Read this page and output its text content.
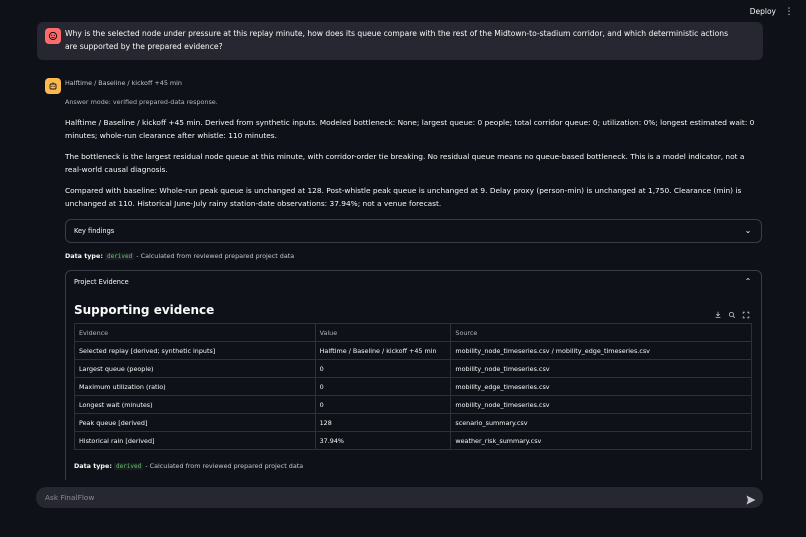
Deploy ⋮
Why is the selected node under pressure at this replay minute, how does its queue compare with the rest of the Midtown-to-stadium corridor, and which deterministic actions are supported by the prepared evidence?
Halftime / Baseline / kickoff +45 min
Answer mode: verified prepared-data response.
Halftime / Baseline / kickoff +45 min. Derived from synthetic inputs. Modeled bottleneck: None; largest queue: 0 people; total corridor queue: 0; utilization: 0%; longest estimated wait: 0 minutes; whole-run clearance after whistle: 110 minutes.
The bottleneck is the largest residual node queue at this minute, with corridor-order tie breaking. No residual queue means no queue-based bottleneck. This is a model indicator, not a real-world causal diagnosis.
Compared with baseline: Whole-run peak queue is unchanged at 128. Post-whistle peak queue is unchanged at 9. Delay proxy (person-min) is unchanged at 1,750. Clearance (min) is unchanged at 110. Historical June-July rainy station-date observations: 37.94%; not a venue forecast.
Key findings	⌄
Data type: derived - Calculated from reviewed prepared project data
Project Evidence	⌃
Supporting evidence
Evidence	Value	Source
Selected replay [derived; synthetic inputs]	Halftime / Baseline / kickoff +45 min	mobility_node_timeseries.csv / mobility_edge_timeseries.csv
Largest queue (people)	0	mobility_node_timeseries.csv
Maximum utilization (ratio)	0	mobility_edge_timeseries.csv
Longest wait (minutes)	0	mobility_node_timeseries.csv
Peak queue [derived]	128	scenario_summary.csv
Historical rain [derived]	37.94%	weather_risk_summary.csv
Data type: derived - Calculated from reviewed prepared project data
Ask FinalFlow
